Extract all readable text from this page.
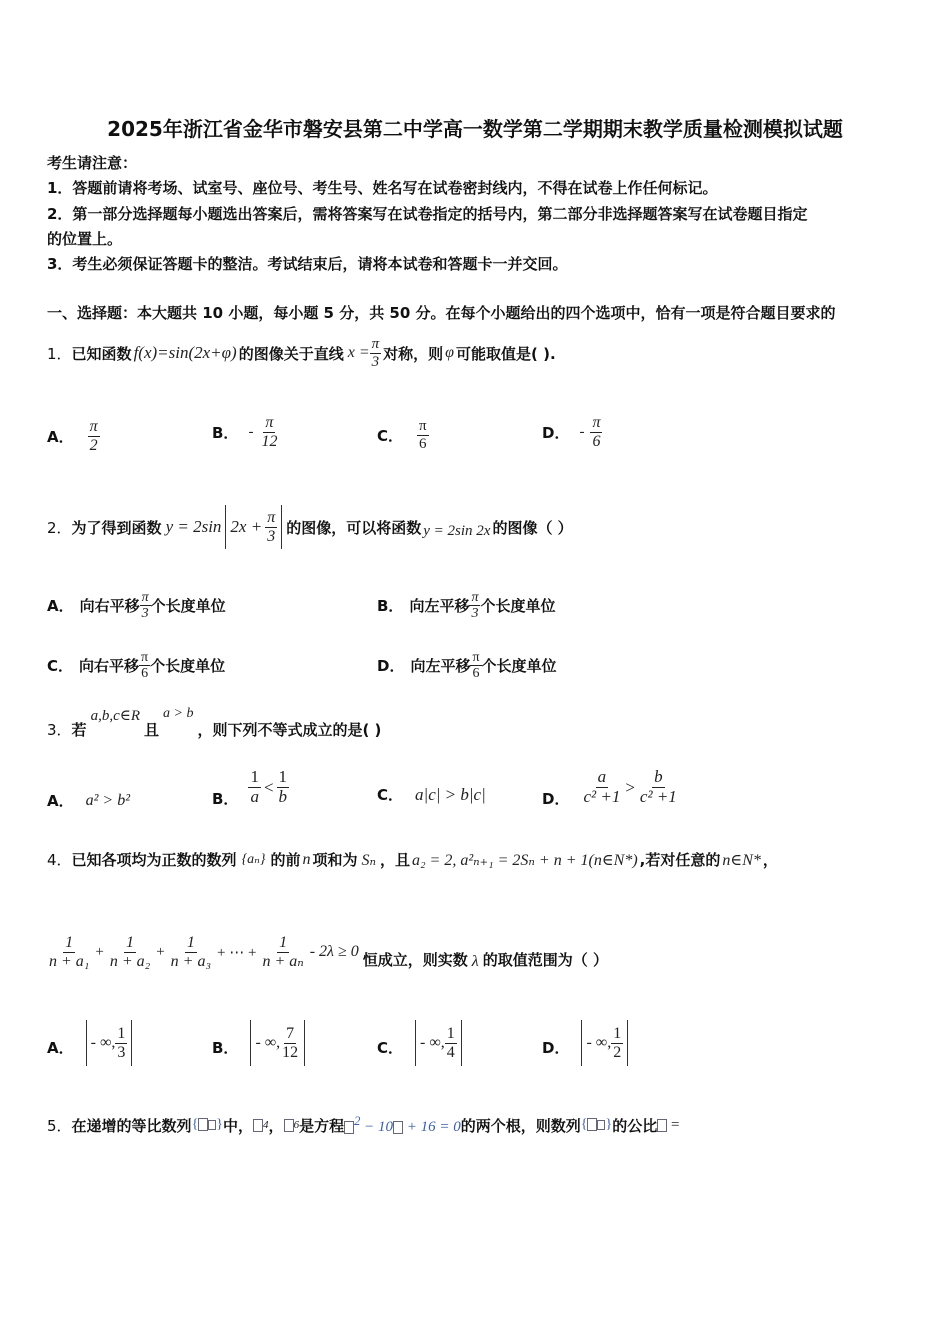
2025年浙江省金华市磐安县第二中学高一数学第二学期期末教学质量检测模拟试题
考生请注意：
1．答题前请将考场、试室号、座位号、考生号、姓名写在试卷密封线内，不得在试卷上作任何标记。
2．第一部分选择题每小题选出答案后，需将答案写在试卷指定的括号内，第二部分非选择题答案写在试卷题目指定
的位置上。
3．考生必须保证答题卡的整洁。考试结束后，请将本试卷和答题卡一并交回。
一、选择题：本大题共 10 小题，每小题 5 分，共 50 分。在每个小题给出的四个选项中，恰有一项是符合题目要求的
1． 已知函数 f(x)=sin(2x+φ) 的图像关于直线 $x = \frac{\pi}{3}$ 对称，则 φ 可能取值是( ).
A． $\frac{\pi}{2}$	B． - $\frac{\pi}{12}$	C． $\frac{\pi}{6}$	D． - $\frac{\pi}{6}$
2． 为了得到函数 y = 2sin $2x + \frac{\pi}{3}$ 的图像，可以将函数 y = 2sin 2x 的图像（ ）
A． 向右平移 $\frac{\pi}{3}$ 个长度单位	B． 向左平移 $\frac{\pi}{3}$ 个长度单位
C． 向右平移 $\frac{\pi}{6}$ 个长度单位	D． 向左平移 $\frac{\pi}{6}$ 个长度单位
3． 若
a,b,c∈R
且
a > b
，则下列不等式成立的是( )
A． a² > b²	B． $\frac{1}{a} < \frac{1}{b}$	C． a|c| > b|c|	D． $\frac{a}{\text{c² +1}} > \frac{b}{\text{c² +1}}$
4． 已知各项均为正数的数列 {aₙ} 的前 n 项和为 Sₙ ，且 a₂ = 2, a²ₙ₊₁ = 2Sₙ + n + 1(n∈N*) ,若对任意的 n∈N* ，
$\frac{1}{\text{n + a₁}} + \frac{1}{\text{n + a₂}} + \frac{1}{\text{n + a₃}}$ + ⋯ + $\frac{1}{\text{n + aₙ}} - 2\lambda \ge 0$ 恒成立，则实数 λ 的取值范围为（ ）
A． - ∞, $\frac{1}{3}$	B． - ∞, $\frac{7}{12}$	C． - ∞, $\frac{1}{4}$	D． - ∞, $\frac{1}{2}$
5． 在递增的等比数列 { } 中， 4 ， 6 是方程 $^2$ − 10 + 16 = 0 的两个根，则数列 { } 的公比 =
